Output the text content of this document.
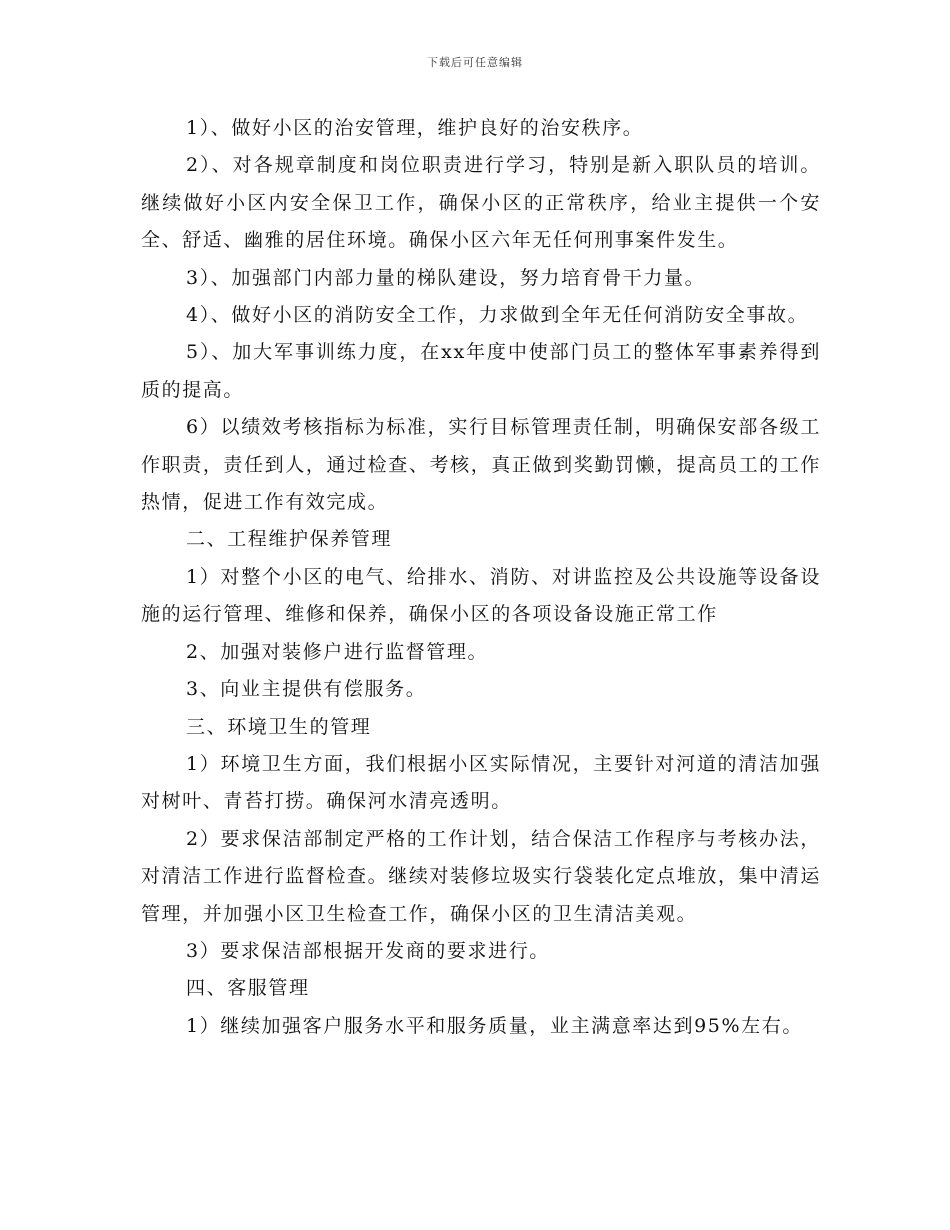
下载后可任意编辑

1）、做好小区的治安管理，维护良好的治安秩序。

2）、对各规章制度和岗位职责进行学习，特别是新入职队员的培训。继续做好小区内安全保卫工作，确保小区的正常秩序，给业主提供一个安全、舒适、幽雅的居住环境。确保小区六年无任何刑事案件发生。

3）、加强部门内部力量的梯队建设，努力培育骨干力量。

4）、做好小区的消防安全工作，力求做到全年无任何消防安全事故。

5）、加大军事训练力度，在xx年度中使部门员工的整体军事素养得到质的提高。

6）以绩效考核指标为标准，实行目标管理责任制，明确保安部各级工作职责，责任到人，通过检查、考核，真正做到奖勤罚懒，提高员工的工作热情，促进工作有效完成。

二、工程维护保养管理

1）对整个小区的电气、给排水、消防、对讲监控及公共设施等设备设施的运行管理、维修和保养，确保小区的各项设备设施正常工作

2、加强对装修户进行监督管理。

3、向业主提供有偿服务。

三、环境卫生的管理

1）环境卫生方面，我们根据小区实际情况，主要针对河道的清洁加强对树叶、青苔打捞。确保河水清亮透明。

2）要求保洁部制定严格的工作计划，结合保洁工作程序与考核办法，对清洁工作进行监督检查。继续对装修垃圾实行袋装化定点堆放，集中清运管理，并加强小区卫生检查工作，确保小区的卫生清洁美观。

3）要求保洁部根据开发商的要求进行。

四、客服管理

1）继续加强客户服务水平和服务质量，业主满意率达到95%左右。
